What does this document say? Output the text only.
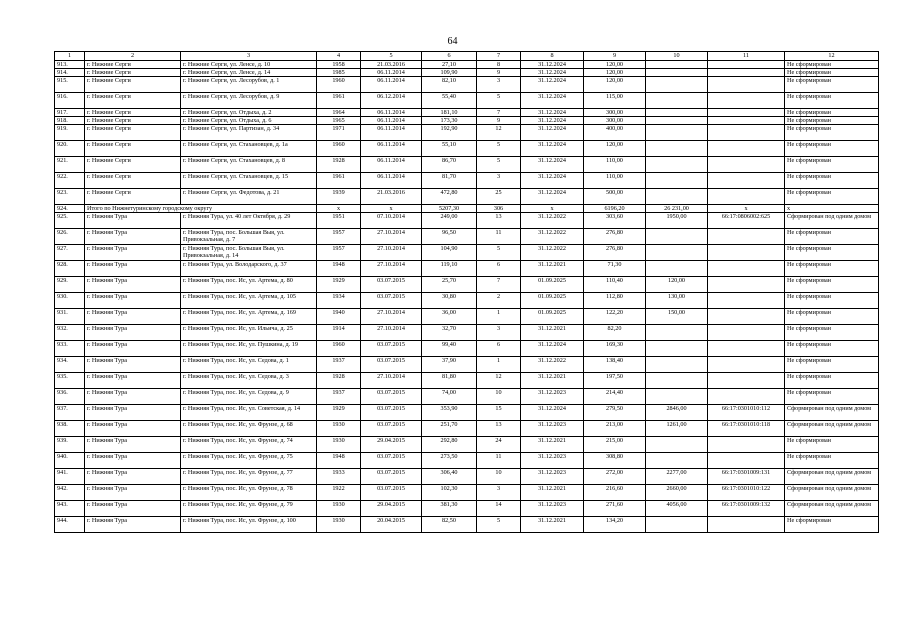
64
1	2	3	4	5	6	7	8	9	10	11	12
913.	г. Нижние Серги	г. Нижние Серги, ул. Ленсе, д. 10	1958	21.03.2016	27,10	8	31.12.2024	120,00			Не сформирован
914.	г. Нижние Серги	г. Нижние Серги, ул. Ленсе, д. 14	1985	06.11.2014	109,90	9	31.12.2024	120,00			Не сформирован
915.	г. Нижние Серги	г. Нижние Серги, ул. Лесорубов, д. 1	1960	06.11.2014	82,10	3	31.12.2024	120,00			Не сформирован
916.	г. Нижние Серги	г. Нижние Серги, ул. Лесорубов, д. 9	1961	06.12.2014	55,40	5	31.12.2024	115,00			Не сформирован
917.	г. Нижние Серги	г. Нижние Серги, ул. Отдыха, д. 2	1964	06.11.2014	181,10	7	31.12.2024	300,00			Не сформирован
918.	г. Нижние Серги	г. Нижние Серги, ул. Отдыха, д. 6	1965	06.11.2014	173,30	9	31.12.2024	300,00			Не сформирован
919.	г. Нижние Серги	г. Нижние Серги, ул. Партизан, д. 34	1971	06.11.2014	192,90	12	31.12.2024	400,00			Не сформирован
920.	г. Нижние Серги	г. Нижние Серги, ул. Стахановцев, д. 1а	1960	06.11.2014	55,10	5	31.12.2024	120,00			Не сформирован
921.	г. Нижние Серги	г. Нижние Серги, ул. Стахановцев, д. 8	1928	06.11.2014	86,70	5	31.12.2024	110,00			Не сформирован
922.	г. Нижние Серги	г. Нижние Серги, ул. Стахановцев, д. 15	1961	06.11.2014	81,70	3	31.12.2024	110,00			Не сформирован
923.	г. Нижние Серги	г. Нижние Серги, ул. Федотова, д. 21	1939	21.03.2016	472,80	25	31.12.2024	500,00			Не сформирован
924.	Итого по Нижнетуринскому городскому округу		x	x	5207,30	306	x	6196,20	26 231,00	x	x
925.	г. Нижняя Тура	г. Нижняя Тура, ул. 40 лет Октября, д. 29	1951	07.10.2014	249,00	13	31.12.2022	303,60	1950,00	66:17:0806002:625	Сформирован под одним домом
926.	г. Нижняя Тура	г. Нижняя Тура, пос. Большая Выя, ул. Привокзальная, д. 7	1957	27.10.2014	96,50	11	31.12.2022	276,80			Не сформирован
927.	г. Нижняя Тура	г. Нижняя Тура, пос. Большая Выя, ул. Привокзальная, д. 14	1957	27.10.2014	104,90	5	31.12.2022	276,80			Не сформирован
928.	г. Нижняя Тура	г. Нижняя Тура, ул. Володарского, д. 37	1948	27.10.2014	119,10	6	31.12.2021	71,30			Не сформирован
929.	г. Нижняя Тура	г. Нижняя Тура, пос. Ис, ул. Артема, д. 80	1929	03.07.2015	25,70	7	01.09.2025	110,40	120,00		Не сформирован
930.	г. Нижняя Тура	г. Нижняя Тура, пос. Ис, ул. Артема, д. 105	1934	03.07.2015	30,80	2	01.09.2025	112,80	130,00		Не сформирован
931.	г. Нижняя Тура	г. Нижняя Тура, пос. Ис, ул. Артема, д. 169	1940	27.10.2014	36,00	1	01.09.2025	122,20	150,00		Не сформирован
932.	г. Нижняя Тура	г. Нижняя Тура, пос. Ис, ул. Ильича, д. 25	1914	27.10.2014	32,70	3	31.12.2021	82,20			Не сформирован
933.	г. Нижняя Тура	г. Нижняя Тура, пос. Ис, ул. Пушкина, д. 19	1960	03.07.2015	99,40	6	31.12.2024	169,30			Не сформирован
934.	г. Нижняя Тура	г. Нижняя Тура, пос. Ис, ул. Седова, д. 1	1937	03.07.2015	37,90	1	31.12.2022	138,40			Не сформирован
935.	г. Нижняя Тура	г. Нижняя Тура, пос. Ис, ул. Седова, д. 3	1928	27.10.2014	81,80	12	31.12.2021	197,50			Не сформирован
936.	г. Нижняя Тура	г. Нижняя Тура, пос. Ис, ул. Седова, д. 9	1937	03.07.2015	74,00	10	31.12.2023	214,40			Не сформирован
937.	г. Нижняя Тура	г. Нижняя Тура, пос. Ис, ул. Советская, д. 14	1929	03.07.2015	353,90	15	31.12.2024	279,50	2846,00	66:17:0301010:112	Сформирован под одним домом
938.	г. Нижняя Тура	г. Нижняя Тура, пос. Ис, ул. Фрунзе, д. 68	1930	03.07.2015	251,70	13	31.12.2023	213,00	1261,00	66:17:0301010:118	Сформирован под одним домом
939.	г. Нижняя Тура	г. Нижняя Тура, пос. Ис, ул. Фрунзе, д. 74	1930	29.04.2015	292,80	24	31.12.2021	215,00			Не сформирован
940.	г. Нижняя Тура	г. Нижняя Тура, пос. Ис, ул. Фрунзе, д. 75	1948	03.07.2015	273,50	11	31.12.2023	308,80			Не сформирован
941.	г. Нижняя Тура	г. Нижняя Тура, пос. Ис, ул. Фрунзе, д. 77	1933	03.07.2015	306,40	10	31.12.2023	272,00	2277,00	66:17:0301009:131	Сформирован под одним домом
942.	г. Нижняя Тура	г. Нижняя Тура, пос. Ис, ул. Фрунзе, д. 78	1922	03.07.2015	102,30	3	31.12.2021	216,60	2660,00	66:17:0301010:122	Сформирован под одним домом
943.	г. Нижняя Тура	г. Нижняя Тура, пос. Ис, ул. Фрунзе, д. 79	1930	29.04.2015	381,30	14	31.12.2023	271,60	4056,00	66:17:0301009:132	Сформирован под одним домом
944.	г. Нижняя Тура	г. Нижняя Тура, пос. Ис, ул. Фрунзе, д. 100	1930	20.04.2015	82,50	5	31.12.2021	134,20			Не сформирован
